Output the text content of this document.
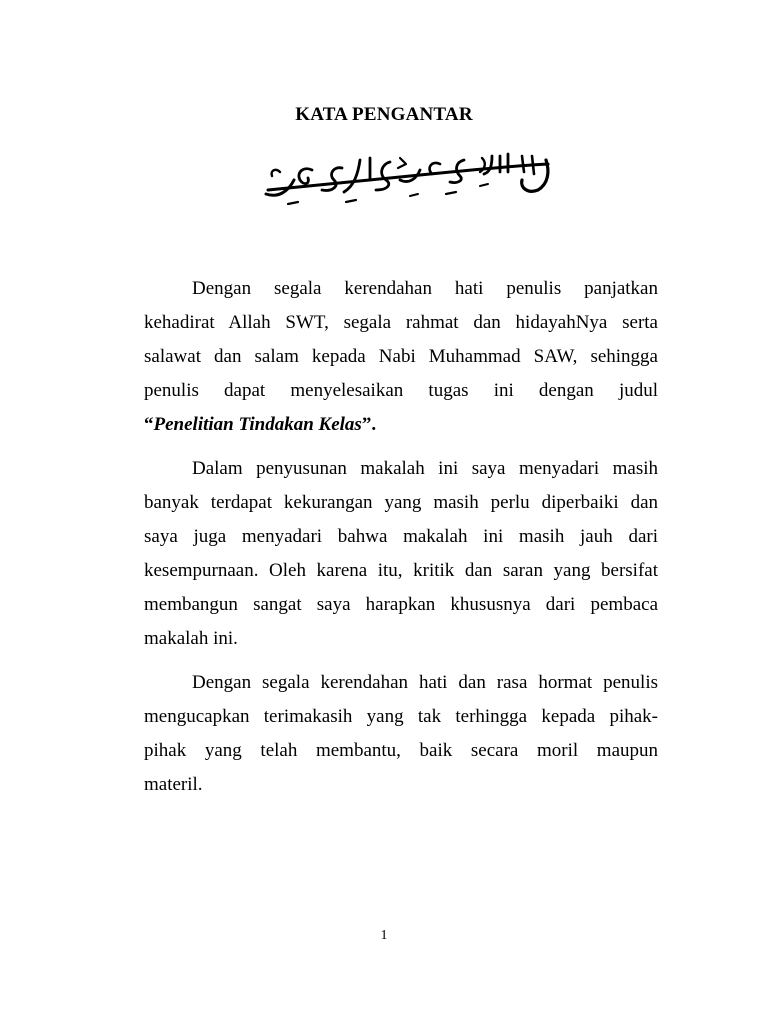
KATA PENGANTAR
Dengan segala kerendahan hati penulis panjatkan
kehadirat Allah SWT, segala rahmat dan hidayahNya serta
salawat dan salam kepada Nabi Muhammad SAW, sehingga
penulis dapat menyelesaikan tugas ini dengan judul
“Penelitian Tindakan Kelas”.
Dalam penyusunan makalah ini saya menyadari masih
banyak terdapat kekurangan yang masih perlu diperbaiki dan
saya juga menyadari bahwa makalah ini masih jauh dari
kesempurnaan. Oleh karena itu, kritik dan saran yang bersifat
membangun sangat saya harapkan khususnya dari pembaca
makalah ini.
Dengan segala kerendahan hati dan rasa hormat penulis
mengucapkan terimakasih yang tak terhingga kepada pihak-
pihak yang telah membantu, baik secara moril maupun
materil.
1
